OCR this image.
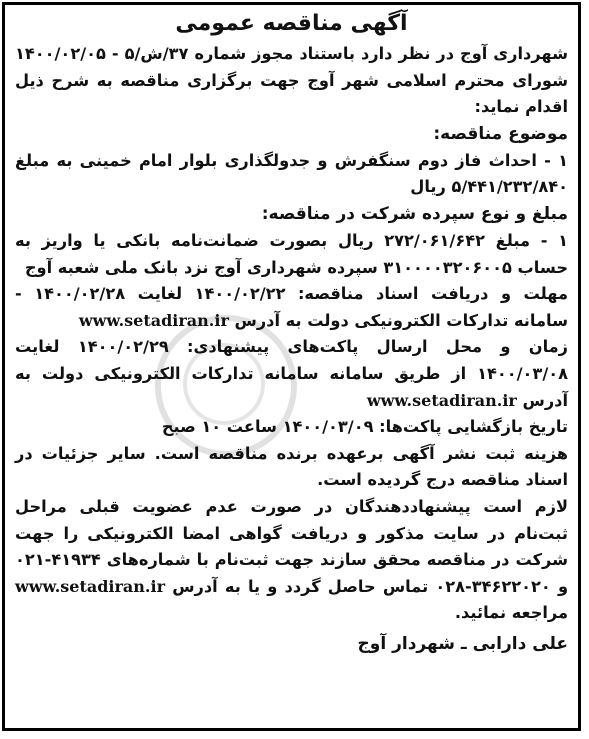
آگهی مناقصه عمومی

شهرداری آوج در نظر دارد باستناد مجوز شماره ۳۷/ش/۵ - ۱۴۰۰/۰۲/۰۵ شورای محترم اسلامی شهر آوج جهت برگزاری مناقصه به شرح ذیل اقدام نماید:

موضوع مناقصه:

۱ - احداث فاز دوم سنگفرش و جدولگذاری بلوار امام خمینی به مبلغ ۵/۴۴۱/۲۳۲/۸۴۰ ریال

مبلغ و نوع سپرده شرکت در مناقصه:

۱ - مبلغ ۲۷۲/۰۶۱/۶۴۲ ریال بصورت ضمانت‌نامه بانکی یا واریز به حساب ۳۱۰۰۰۰۳۲۰۶۰۰۵ سپرده شهرداری آوج نزد بانک ملی شعبه آوج

مهلت و دریافت اسناد مناقصه: ۱۴۰۰/۰۲/۲۲ لغایت ۱۴۰۰/۰۲/۲۸ - سامانه تدارکات الکترونیکی دولت به آدرس www.setadiran.ir

زمان و محل ارسال پاکت‌های پیشنهادی: ۱۴۰۰/۰۲/۲۹ لغایت ۱۴۰۰/۰۳/۰۸ از طریق سامانه سامانه تدارکات الکترونیکی دولت به آدرس www.setadiran.ir

تاریخ بازگشایی پاکت‌ها: ۱۴۰۰/۰۳/۰۹ ساعت ۱۰ صبح

هزینه ثبت نشر آگهی برعهده برنده مناقصه است. سایر جزئیات در اسناد مناقصه درج گردیده است.

لازم است پیشنهاددهندگان در صورت عدم عضویت قبلی مراحل ثبت‌نام در سایت مذکور و دریافت گواهی امضا الکترونیکی را جهت شرکت در مناقصه محقق سازند جهت ثبت‌نام با شماره‌های ۴۱۹۳۴-۰۲۱ و ۳۴۶۲۲۰۲۰-۰۲۸ تماس حاصل گردد و یا به آدرس www.setadiran.ir مراجعه نمائید.

علی دارابی ـ شهردار آوج
